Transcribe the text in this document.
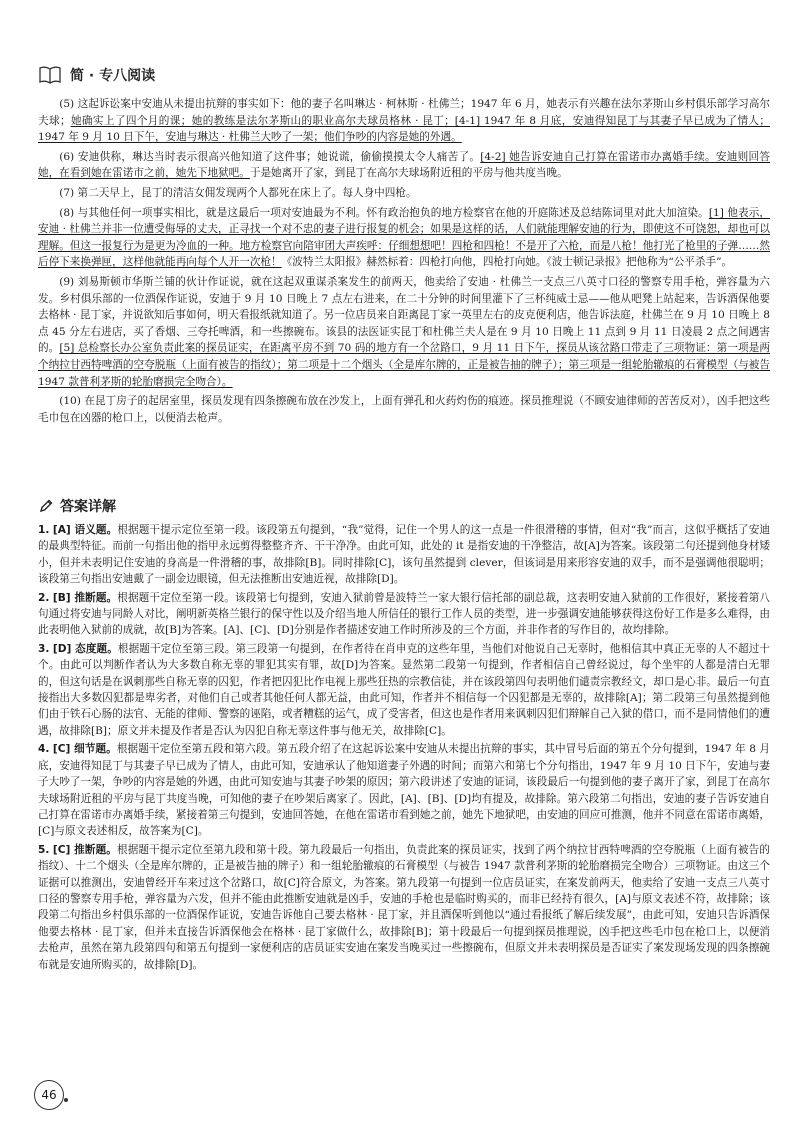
简 · 专八阅读

(5) 这起诉讼案中安迪从未提出抗辩的事实如下：他的妻子名叫琳达 · 柯林斯 · 杜佛兰；1947 年 6 月，她表示有兴趣在法尔茅斯山乡村俱乐部学习高尔夫球；她确实上了四个月的课；她的教练是法尔茅斯山的职业高尔夫球员格林 · 昆丁；[4-1] 1947 年 8 月底，安迪得知昆丁与其妻子早已成为了情人；1947 年 9 月 10 日下午，安迪与琳达 · 杜佛兰大吵了一架；他们争吵的内容是她的外遇。

(6) 安迪供称，琳达当时表示很高兴他知道了这件事；她说谎，偷偷摸摸太令人痛苦了。[4-2] 她告诉安迪自己打算在雷诺市办离婚手续。安迪则回答她，在看到她在雷诺市之前，她先下地狱吧。于是她离开了家，到昆丁在高尔夫球场附近租的平房与他共度当晚。

(7) 第二天早上，昆丁的清洁女佣发现两个人都死在床上了。每人身中四枪。

(8) 与其他任何一项事实相比，就是这最后一项对安迪最为不利。怀有政治抱负的地方检察官在他的开庭陈述及总结陈词里对此大加渲染。[1] 他表示，安迪 · 杜佛兰并非一位遭受侮辱的丈夫，正寻找一个对不忠的妻子进行报复的机会；如果是这样的话，人们就能理解安迪的行为，即使这不可饶恕，却也可以理解。但这一报复行为是更为冷血的一种。地方检察官向陪审团大声疾呼：仔细想想吧！四枪和四枪！不是开了六枪，而是八枪！他打光了枪里的子弹……然后停下来换弹匣，这样他就能再向每个人开一次枪！《波特兰太阳报》赫然标着：四枪打向他，四枪打向她。《波士顿记录报》把他称为“公平杀手”。

(9) 刘易斯顿市华斯兰铺的伙计作证说，就在这起双重谋杀案发生的前两天，他卖给了安迪 · 杜佛兰一支点三八英寸口径的警察专用手枪，弹容量为六发。乡村俱乐部的一位酒保作证说，安迪于 9 月 10 日晚上 7 点左右进来，在二十分钟的时间里灌下了三杯纯威士忌——他从吧凳上站起来，告诉酒保他要去格林 · 昆丁家，并说欲知后事如何，明天看报纸就知道了。另一位店员来自距离昆丁家一英里左右的皮克便利店，他告诉法庭，杜佛兰在 9 月 10 日晚上 8 点 45 分左右进店，买了香烟、三夸托啤酒，和一些擦碗布。该县的法医证实昆丁和杜佛兰夫人是在 9 月 10 日晚上 11 点到 9 月 11 日凌晨 2 点之间遇害的。[5] 总检察长办公室负责此案的探员证实，在距离平房不到 70 码的地方有一个岔路口，9 月 11 日下午，探员从该岔路口带走了三项物证：第一项是两个纳拉甘西特啤酒的空夸脱瓶（上面有被告的指纹）；第二项是十二个烟头（全是库尔牌的，正是被告抽的牌子）；第三项是一组轮胎辙痕的石膏模型（与被告 1947 款普利茅斯的轮胎磨损完全吻合）。

(10) 在昆丁房子的起居室里，探员发现有四条擦碗布放在沙发上，上面有弹孔和火药灼伤的痕迹。探员推理说（不顾安迪律师的苦苦反对），凶手把这些毛巾包在凶器的枪口上，以便消去枪声。

答案详解

1. [A] 语义题。根据题干提示定位至第一段。该段第五句提到，“我”觉得，记住一个男人的这一点是一件很滑稽的事情，但对“我”而言，这似乎概括了安迪的最典型特征。而前一句指出他的指甲永远剪得整整齐齐、干干净净。由此可知，此处的 it 是指安迪的干净整洁，故[A]为答案。该段第二句还提到他身材矮小，但并未表明记住安迪的身高是一件滑稽的事，故排除[B]。同时排除[C]，该句虽然提到 clever，但该词是用来形容安迪的双手，而不是强调他很聪明；该段第三句指出安迪戴了一副金边眼镜，但无法推断出安迪近视，故排除[D]。

2. [B] 推断题。根据题干定位至第一段。该段第七句提到，安迪入狱前曾是波特兰一家大银行信托部的副总裁，这表明安迪入狱前的工作很好，紧接着第八句通过将安迪与同龄人对比，阐明新英格兰银行的保守性以及介绍当地人所信任的银行工作人员的类型，进一步强调安迪能够获得这份好工作是多么难得，由此表明他入狱前的成就，故[B]为答案。[A]、[C]、[D]分别是作者描述安迪工作时所涉及的三个方面，并非作者的写作目的，故均排除。

3. [D] 态度题。根据题干定位至第三段。第三段第一句提到，在作者待在肖申克的这些年里，当他们对他说自己无辜时，他相信其中真正无辜的人不超过十个。由此可以判断作者认为大多数自称无辜的罪犯其实有罪，故[D]为答案。显然第二段第一句提到，作者相信自己曾经说过，每个坐牢的人都是清白无罪的，但这句话是在讽刺那些自称无辜的囚犯，作者把囚犯比作电视上那些狂热的宗教信徒，并在该段第四句表明他们谴责宗教经文，却口是心非。最后一句直接指出大多数囚犯都是卑劣者，对他们自己或者其他任何人都无益，由此可知，作者并不相信每一个囚犯都是无辜的，故排除[A]；第二段第三句虽然提到他们由于铁石心肠的法官、无能的律师、警察的诬陷，或者糟糕的运气，成了受害者，但这也是作者用来讽刺囚犯们辩解自己入狱的借口，而不是同情他们的遭遇，故排除[B]；原文并未提及作者是否认为囚犯自称无辜这件事与他无关，故排除[C]。

4. [C] 细节题。根据题干定位至第五段和第六段。第五段介绍了在这起诉讼案中安迪从未提出抗辩的事实，其中冒号后面的第五个分句提到，1947 年 8 月底，安迪得知昆丁与其妻子早已成为了情人，由此可知，安迪承认了他知道妻子外遇的时间；而第六和第七个分句指出，1947 年 9 月 10 日下午，安迪与妻子大吵了一架，争吵的内容是她的外遇，由此可知安迪与其妻子吵架的原因；第六段讲述了安迪的证词，该段最后一句提到他的妻子离开了家，到昆丁在高尔夫球场附近租的平房与昆丁共度当晚，可知他的妻子在吵架后离家了。因此，[A]、[B]、[D]均有提及，故排除。第六段第二句指出，安迪的妻子告诉安迪自己打算在雷诺市办离婚手续，紧接着第三句提到，安迪回答她，在他在雷诺市看到她之前，她先下地狱吧，由安迪的回应可推测，他并不同意在雷诺市离婚，[C]与原文表述相反，故答案为[C]。

5. [C] 推断题。根据题干提示定位至第九段和第十段。第九段最后一句指出，负责此案的探员证实，找到了两个纳拉甘西特啤酒的空夸脱瓶（上面有被告的指纹）、十二个烟头（全是库尔牌的，正是被告抽的牌子）和一组轮胎辙痕的石膏模型（与被告 1947 款普利茅斯的轮胎磨损完全吻合）三项物证。由这三个证据可以推测出，安迪曾经开车来过这个岔路口，故[C]符合原文，为答案。第九段第一句提到一位店员证实，在案发前两天，他卖给了安迪一支点三八英寸口径的警察专用手枪，弹容量为六发，但并不能由此推断安迪就是凶手，安迪的手枪也是临时购买的，而非已经持有很久，[A]与原文表述不符，故排除；该段第二句指出乡村俱乐部的一位酒保作证说，安迪告诉他自己要去格林 · 昆丁家，并且酒保听到他以“通过看报纸了解后续发展”，由此可知，安迪只告诉酒保他要去格林 · 昆丁家，但并未直接告诉酒保他会在格林 · 昆丁家做什么，故排除[B]；第十段最后一句提到探员推理说，凶手把这些毛巾包在枪口上，以便消去枪声，虽然在第九段第四句和第五句提到一家便利店的店员证实安迪在案发当晚买过一些擦碗布，但原文并未表明探员是否证实了案发现场发现的四条擦碗布就是安迪所购买的，故排除[D]。

46
